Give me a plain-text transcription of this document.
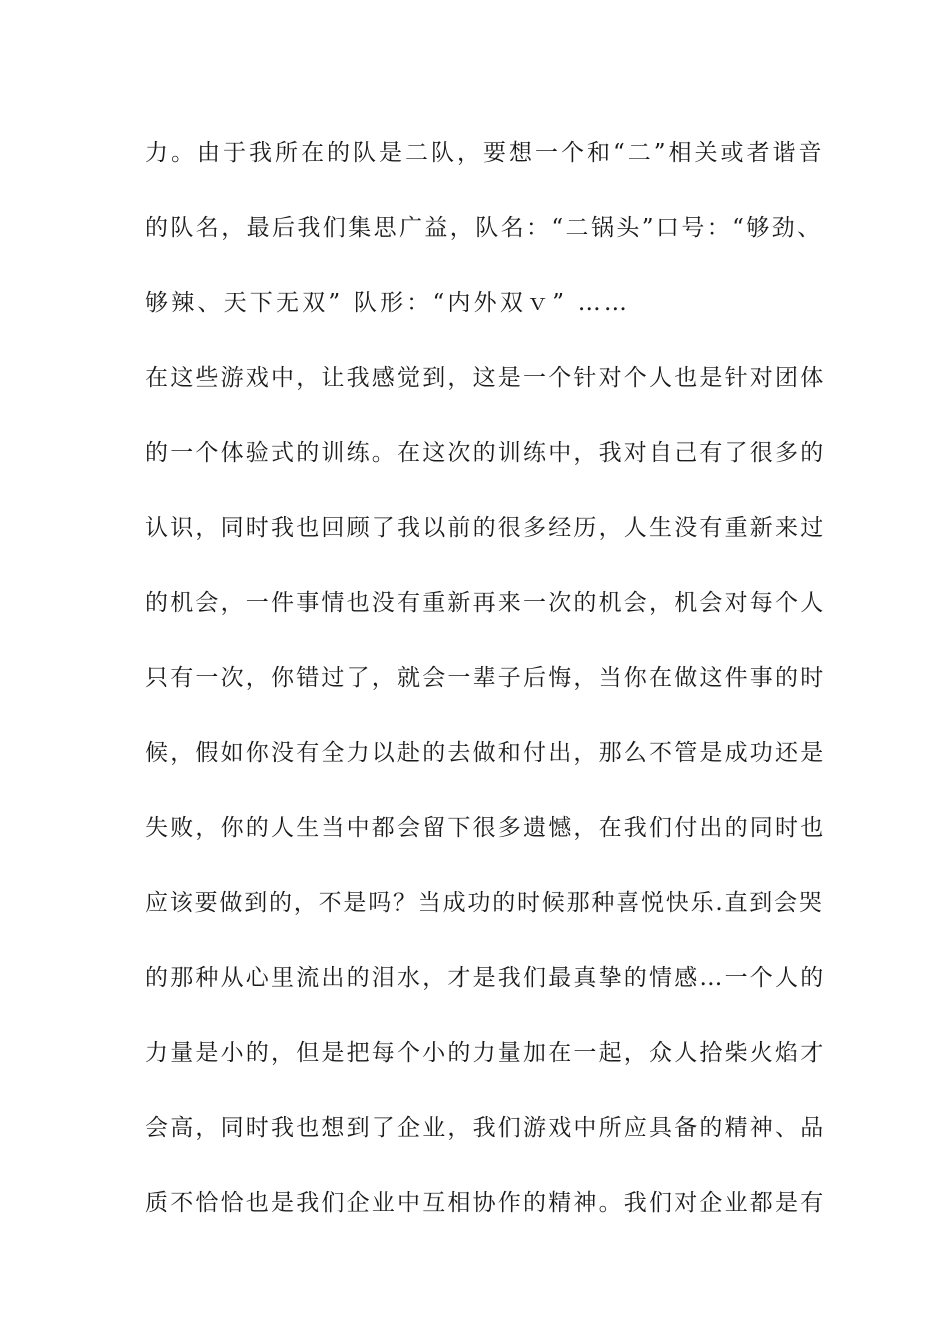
力。由于我所在的队是二队，要想一个和“二”相关或者谐音
的队名，最后我们集思广益，队名：“二锅头”口号：“够劲、
够辣、天下无双” 队形：“内外双ｖ” ……
在这些游戏中，让我感觉到，这是一个针对个人也是针对团体
的一个体验式的训练。在这次的训练中，我对自己有了很多的
认识，同时我也回顾了我以前的很多经历，人生没有重新来过
的机会，一件事情也没有重新再来一次的机会，机会对每个人
只有一次，你错过了，就会一辈子后悔，当你在做这件事的时
候，假如你没有全力以赴的去做和付出，那么不管是成功还是
失败，你的人生当中都会留下很多遗憾，在我们付出的同时也
应该要做到的，不是吗？当成功的时候那种喜悦快乐.直到会哭
的那种从心里流出的泪水，才是我们最真挚的情感…一个人的
力量是小的，但是把每个小的力量加在一起，众人拾柴火焰才
会高，同时我也想到了企业，我们游戏中所应具备的精神、品
质不恰恰也是我们企业中互相协作的精神。我们对企业都是有
